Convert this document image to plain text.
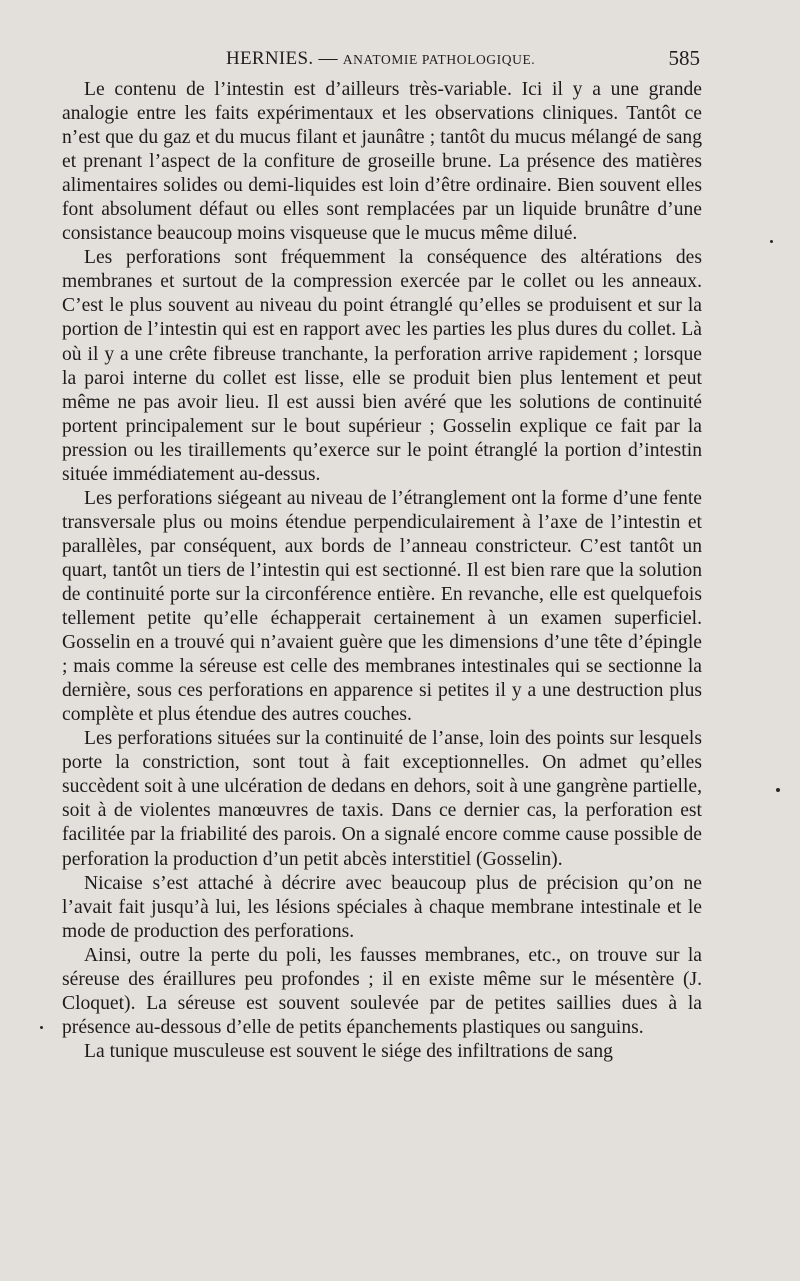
HERNIES. — ANATOMIE PATHOLOGIQUE.	585

Le contenu de l’intestin est d’ailleurs très-variable. Ici il y a une grande analogie entre les faits expérimentaux et les observations cliniques. Tantôt ce n’est que du gaz et du mucus filant et jaunâtre ; tantôt du mucus mélangé de sang et prenant l’aspect de la confiture de groseille brune. La présence des matières alimentaires solides ou demi-liquides est loin d’être ordinaire. Bien souvent elles font absolument défaut ou elles sont remplacées par un liquide brunâtre d’une consistance beaucoup moins visqueuse que le mucus même dilué.

Les perforations sont fréquemment la conséquence des altérations des membranes et surtout de la compression exercée par le collet ou les anneaux. C’est le plus souvent au niveau du point étranglé qu’elles se produisent et sur la portion de l’intestin qui est en rapport avec les parties les plus dures du collet. Là où il y a une crête fibreuse tranchante, la perforation arrive rapidement ; lorsque la paroi interne du collet est lisse, elle se produit bien plus lentement et peut même ne pas avoir lieu. Il est aussi bien avéré que les solutions de continuité portent principalement sur le bout supérieur ; Gosselin explique ce fait par la pression ou les tiraillements qu’exerce sur le point étranglé la portion d’intestin située immédiatement au-dessus.

Les perforations siégeant au niveau de l’étranglement ont la forme d’une fente transversale plus ou moins étendue perpendiculairement à l’axe de l’intestin et parallèles, par conséquent, aux bords de l’anneau constricteur. C’est tantôt un quart, tantôt un tiers de l’intestin qui est sectionné. Il est bien rare que la solution de continuité porte sur la circonférence entière. En revanche, elle est quelquefois tellement petite qu’elle échapperait certainement à un examen superficiel. Gosselin en a trouvé qui n’avaient guère que les dimensions d’une tête d’épingle ; mais comme la séreuse est celle des membranes intestinales qui se sectionne la dernière, sous ces perforations en apparence si petites il y a une destruction plus complète et plus étendue des autres couches.

Les perforations situées sur la continuité de l’anse, loin des points sur lesquels porte la constriction, sont tout à fait exceptionnelles. On admet qu’elles succèdent soit à une ulcération de dedans en dehors, soit à une gangrène partielle, soit à de violentes manœuvres de taxis. Dans ce dernier cas, la perforation est facilitée par la friabilité des parois. On a signalé encore comme cause possible de perforation la production d’un petit abcès interstitiel (Gosselin).

Nicaise s’est attaché à décrire avec beaucoup plus de précision qu’on ne l’avait fait jusqu’à lui, les lésions spéciales à chaque membrane intestinale et le mode de production des perforations.

Ainsi, outre la perte du poli, les fausses membranes, etc., on trouve sur la séreuse des éraillures peu profondes ; il en existe même sur le mésentère (J. Cloquet). La séreuse est souvent soulevée par de petites saillies dues à la présence au-dessous d’elle de petits épanchements plastiques ou sanguins.

La tunique musculeuse est souvent le siége des infiltrations de sang
